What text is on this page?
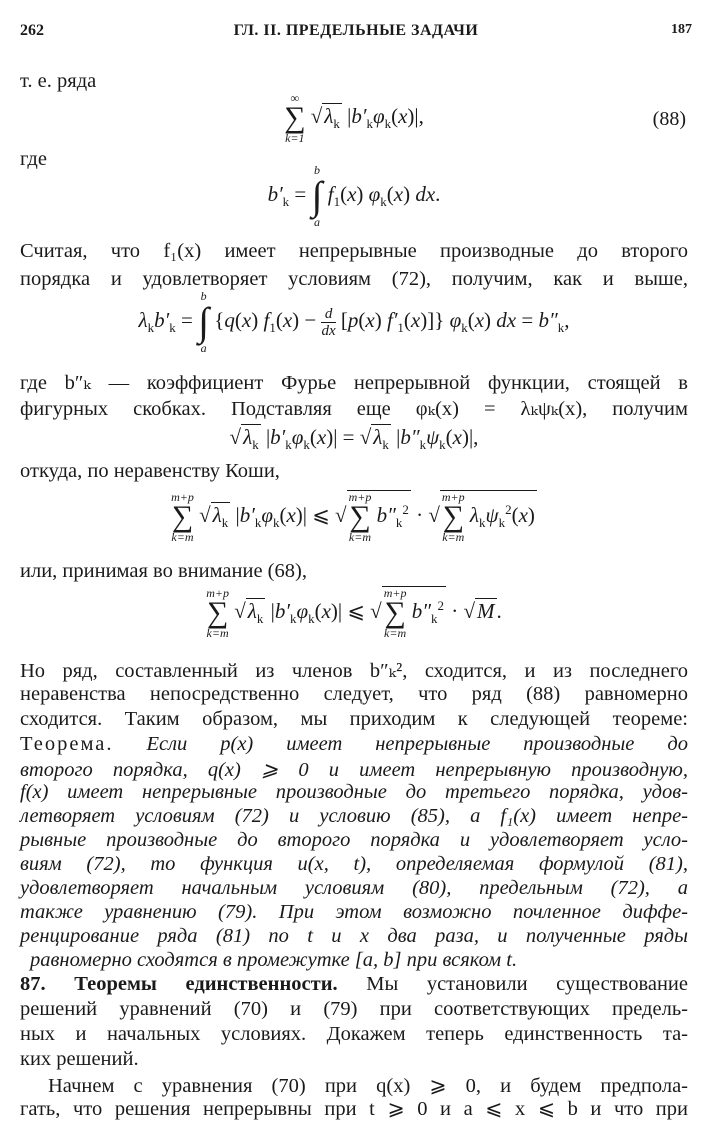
262	ГЛ. II. ПРЕДЕЛЬНЫЕ ЗАДАЧИ	187
т. е. ряда
∞
∑
k=1
$√\lambda_k$ $|b'_k\varphi_k(x)|$,	(88)
где
$b'_k$ =
b
∫
a
$f_1(x)$ $\varphi_k(x)$ dx.
Считая, что f₁(x) имеет непрерывные производные до второго
порядка и удовлетворяет условиям (72), получим, как и выше,
$\lambda_kb'_k$ =
b
∫
a
{q(x) $f_1(x) - \frac{d}{dx} [p(x)$ $f'_1(x)$]} $\varphi_k(x)$ dx = $b''_k$,
где b″ₖ — коэффициент Фурье непрерывной функции, стоящей в
фигурных скобках. Подставляя еще φₖ(x) = λₖψₖ(x), получим
$√\lambda_k$ $|b'_k\varphi_k(x)| = √\lambda_k$ $|b''_k\psi_k(x)|$,
откуда, по неравенству Коши,
m+p
∑
k=m
$√\lambda_k$ $|b'_k\varphi_k(x)|$ ⩽ √
m+p
∑
k=m
$b''_k^2$ · √
m+p
∑
k=m
$\lambda_k\psi_k^2(x)$
или, принимая во внимание (68),
m+p
∑
k=m
$√\lambda_k$ $|b'_k\varphi_k(x)|$ ⩽ √
m+p
∑
k=m
$b''_k^2 \cdot √M$.
Но ряд, составленный из членов b″ₖ², сходится, и из последнего
неравенства непосредственно следует, что ряд (88) равномерно
сходится. Таким образом, мы приходим к следующей теореме:
Теорема. Если p(x) имеет непрерывные производные до
второго порядка, q(x) ⩾ 0 и имеет непрерывную производную,
f(x) имеет непрерывные производные до третьего порядка, удов-
летворяет условиям (72) и условию (85), а f₁(x) имеет непре-
рывные производные до второго порядка и удовлетворяет усло-
виям (72), то функция u(x, t), определяемая формулой (81),
удовлетворяет начальным условиям (80), предельным (72), а
также уравнению (79). При этом возможно почленное диффе-
ренцирование ряда (81) по t и x два раза, и полученные ряды
равномерно сходятся в промежутке [a, b] при всяком t.
87. Теоремы единственности. Мы установили существование
решений уравнений (70) и (79) при соответствующих предель-
ных и начальных условиях. Докажем теперь единственность та-
ких решений.
Начнем с уравнения (70) при q(x) ⩾ 0, и будем предпола-
гать, что решения непрерывны при t ⩾ 0 и a ⩽ x ⩽ b и что при
